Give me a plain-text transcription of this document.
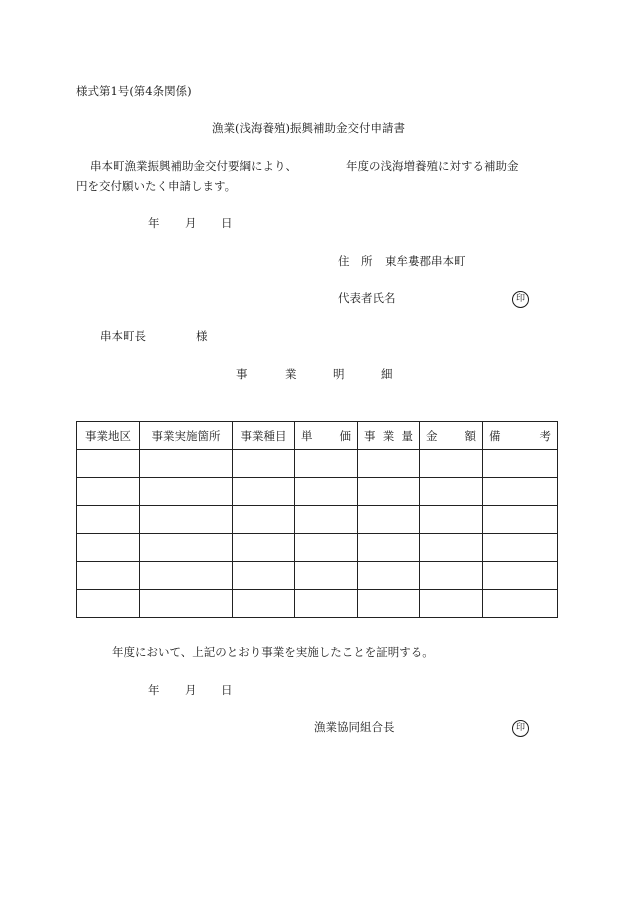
様式第1号(第4条関係)
漁業(浅海養殖)振興補助金交付申請書
串本町漁業振興補助金交付要綱により、	年度の浅海増養殖に対する補助金
円を交付願いたく申請します。
年 月 日
住　所 東牟婁郡串本町
代表者氏名	印
串本町長	様
事	業	明	細
事業地区	事業実施箇所	事業種目	単 価	事 業 量	金 額	備 考

年度において、上記のとおり事業を実施したことを証明する。
年 月 日
漁業協同組合長	印
